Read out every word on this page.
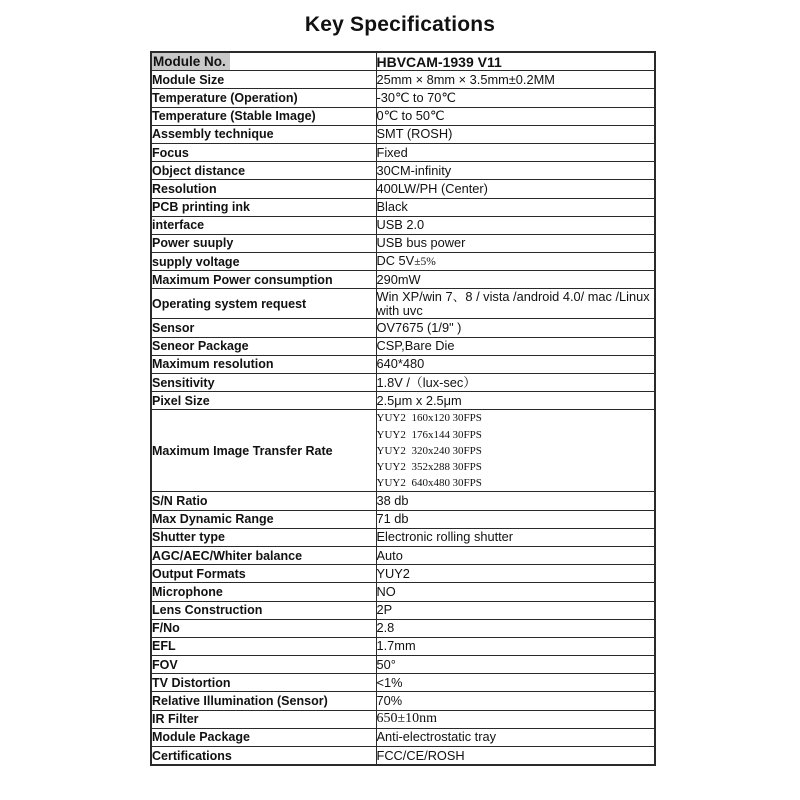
Key Specifications
Module No.	HBVCAM-1939 V11
Module Size	25mm × 8mm × 3.5mm±0.2MM
Temperature (Operation)	-30℃ to 70℃
Temperature (Stable Image)	0℃ to 50℃
Assembly technique	SMT (ROSH)
Focus	Fixed
Object distance	30CM-infinity
Resolution	400LW/PH (Center)
PCB printing ink	Black
interface	USB 2.0
Power suuply	USB bus power
supply voltage	DC 5V±5%
Maximum Power consumption	290mW
Operating system request	Win XP/win 7、8 / vista /android 4.0/ mac /Linux with uvc
Sensor	OV7675 (1/9" )
Seneor Package	CSP,Bare Die
Maximum resolution	640*480
Sensitivity	1.8V /（lux-sec）
Pixel Size	2.5μm x 2.5μm
Maximum Image Transfer Rate	YUY2 160x120 30FPS
YUY2 176x144 30FPS
YUY2 320x240 30FPS
YUY2 352x288 30FPS
YUY2 640x480 30FPS

S/N Ratio	38 db
Max Dynamic Range	71 db
Shutter type	Electronic rolling shutter
AGC/AEC/Whiter balance	Auto
Output Formats	YUY2
Microphone	NO
Lens Construction	2P
F/No	2.8
EFL	1.7mm
FOV	50°
TV Distortion	<1%
Relative Illumination (Sensor)	70%
IR Filter	650±10nm
Module Package	Anti-electrostatic tray
Certifications	FCC/CE/ROSH
